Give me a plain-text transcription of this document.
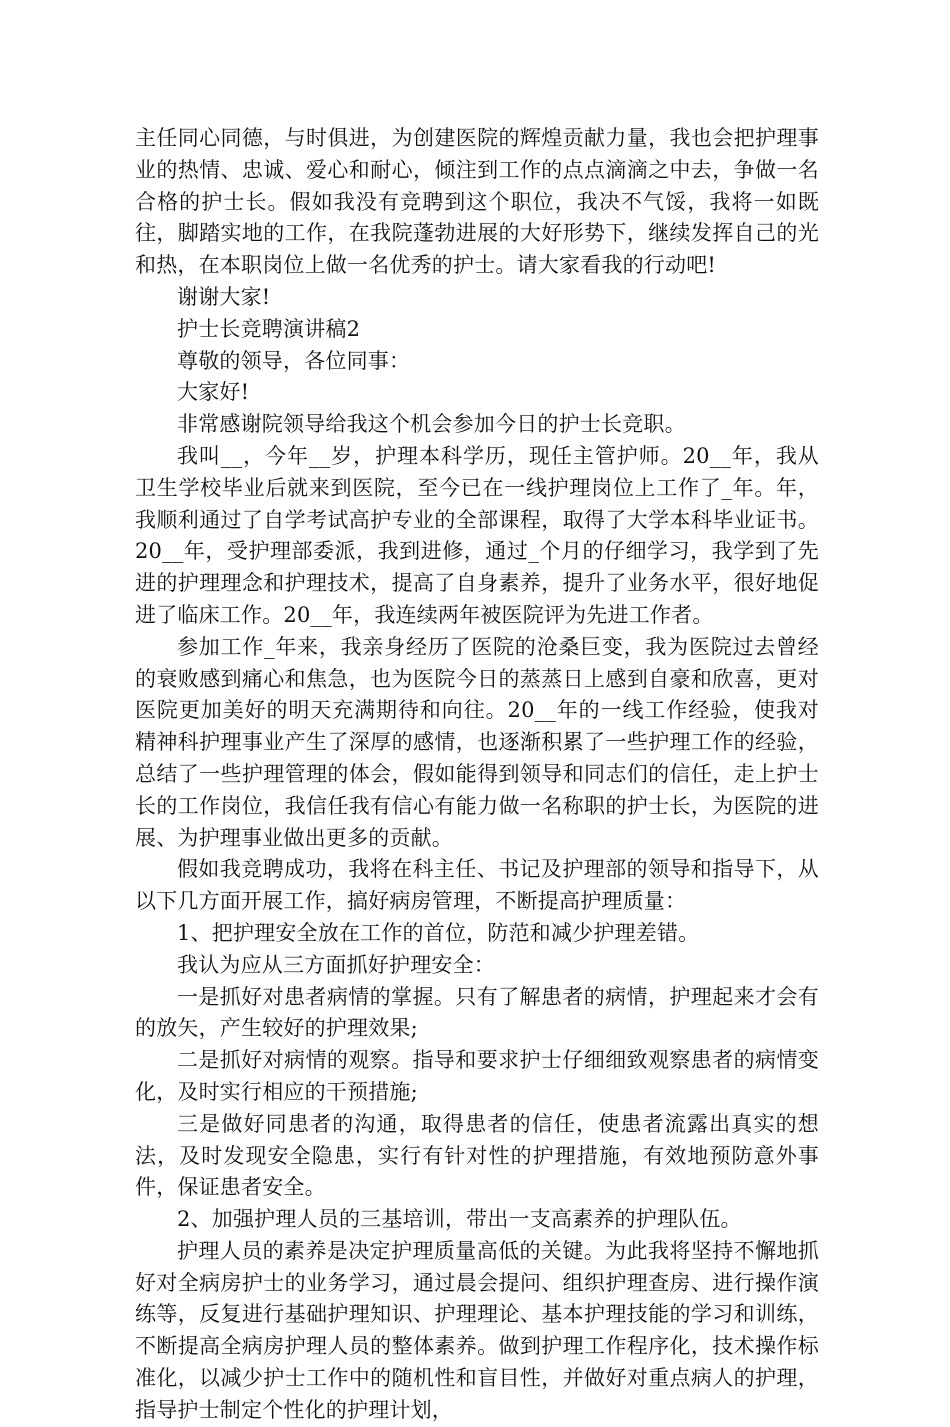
主任同心同德，与时俱进，为创建医院的辉煌贡献力量，我也会把护理事业的热情、忠诚、爱心和耐心，倾注到工作的点点滴滴之中去，争做一名合格的护士长。假如我没有竞聘到这个职位，我决不气馁，我将一如既往，脚踏实地的工作，在我院蓬勃进展的大好形势下，继续发挥自己的光和热，在本职岗位上做一名优秀的护士。请大家看我的行动吧!

谢谢大家!

护士长竞聘演讲稿2

尊敬的领导，各位同事：

大家好!

非常感谢院领导给我这个机会参加今日的护士长竞职。

我叫__，今年__岁，护理本科学历，现任主管护师。20__年，我从卫生学校毕业后就来到医院，至今已在一线护理岗位上工作了_年。年，我顺利通过了自学考试高护专业的全部课程，取得了大学本科毕业证书。20__年，受护理部委派，我到进修，通过_个月的仔细学习，我学到了先进的护理理念和护理技术，提高了自身素养，提升了业务水平，很好地促进了临床工作。20__年，我连续两年被医院评为先进工作者。

参加工作_年来，我亲身经历了医院的沧桑巨变，我为医院过去曾经的衰败感到痛心和焦急，也为医院今日的蒸蒸日上感到自豪和欣喜，更对医院更加美好的明天充满期待和向往。20__年的一线工作经验，使我对精神科护理事业产生了深厚的感情，也逐渐积累了一些护理工作的经验，总结了一些护理管理的体会，假如能得到领导和同志们的信任，走上护士长的工作岗位，我信任我有信心有能力做一名称职的护士长，为医院的进展、为护理事业做出更多的贡献。

假如我竞聘成功，我将在科主任、书记及护理部的领导和指导下，从以下几方面开展工作，搞好病房管理，不断提高护理质量：

1、把护理安全放在工作的首位，防范和减少护理差错。

我认为应从三方面抓好护理安全：

一是抓好对患者病情的掌握。只有了解患者的病情，护理起来才会有的放矢，产生较好的护理效果;

二是抓好对病情的观察。指导和要求护士仔细细致观察患者的病情变化，及时实行相应的干预措施;

三是做好同患者的沟通，取得患者的信任，使患者流露出真实的想法，及时发现安全隐患，实行有针对性的护理措施，有效地预防意外事件，保证患者安全。

2、加强护理人员的三基培训，带出一支高素养的护理队伍。

护理人员的素养是决定护理质量高低的关键。为此我将坚持不懈地抓好对全病房护士的业务学习，通过晨会提问、组织护理查房、进行操作演练等，反复进行基础护理知识、护理理论、基本护理技能的学习和训练，不断提高全病房护理人员的整体素养。做到护理工作程序化，技术操作标准化，以减少护士工作中的随机性和盲目性，并做好对重点病人的护理，指导护士制定个性化的护理计划，
